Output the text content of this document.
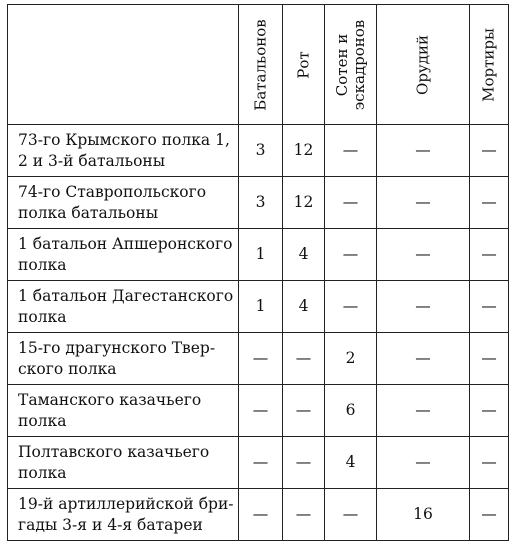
	Батальонов	Рот	Сотен и
эскадронов	Орудий	Мортиры

73-го Крымского полка 1,
2 и 3-й батальоны	3	12	—	—	—

74-го Ставропольского
полка батальоны	3	12	—	—	—

1 батальон Апшеронского
полка	1	4	—	—	—

1 батальон Дагестанского
полка	1	4	—	—	—

15-го драгунского Твер-
ского полка	—	—	2	—	—

Таманского казачьего
полка	—	—	6	—	—

Полтавского казачьего
полка	—	—	4	—	—

19-й артиллерийской бри-
гады 3-я и 4-я батареи	—	—	—	16	—
